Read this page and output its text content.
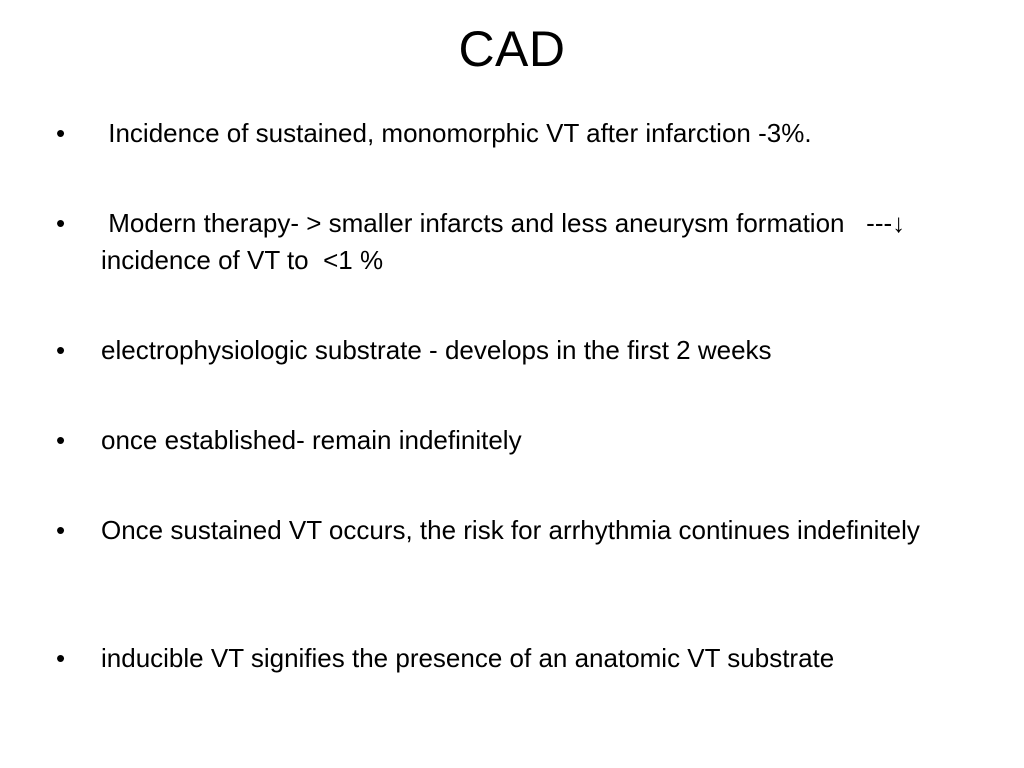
CAD
•	Incidence of sustained, monomorphic VT after infarction -3%.
•	Modern therapy- > smaller infarcts and less aneurysm formation   ---↓ incidence of VT to  <1 %
•	electrophysiologic substrate - develops in the first 2 weeks
•	once established- remain indefinitely
•	Once sustained VT occurs, the risk for arrhythmia continues indefinitely
•	inducible VT signifies the presence of an anatomic VT substrate
